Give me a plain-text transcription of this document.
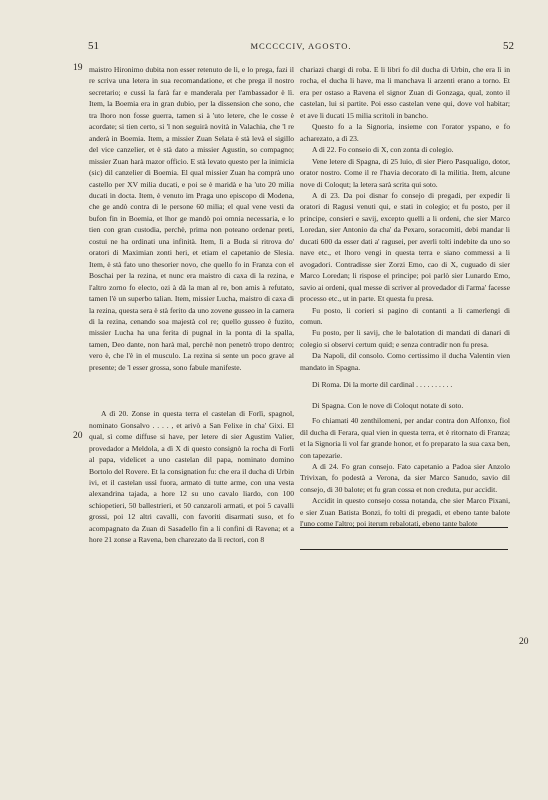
51	MCCCCCIV, AGOSTO.	52
19
20
20

maistro Hironimo dubita non esser retenuto de li, e lo prega, fazi il re scriva una letera in sua recomandatione, et che prega il nostro secretario; e cussì la farà far e manderala per l'ambassador è lì. Item, la Boemia era in gran dubio, per la dissension che sono, che tra lhoro non fosse guerra, tamen si à 'uto letere, che le cosse è acordate; si tien certo, si 'l non seguirà novità in Valachia, che 'l re anderà in Boemia. Item, a missier Zuan Selata è stà levà el sigillo del vice canzelier, et è stà dato a missier Agustin, so compagno; missier Zuan harà mazor officio. E stà levato questo per la inimicia (sic) dil canzelier di Boemia. El qual missier Zuan ha comprà uno castello per XV milia ducati, e poi se è maridà e ha 'uto 20 milia ducati in docta. Item, è venuto im Praga uno episcopo di Modena, che ge andò contra di le persone 60 milia; el qual vene vesti da bufon fin in Boemia, et lhor ge mandò poi omnia necessaria, e lo tien con gran custodia, perchè, prima non poteano ordenar preti, costui ne ha ordinati una infinità. Item, lì a Buda si ritrova do' oratori di Maximian zonti heri, et etiam el capetanio de Slesia. Item, è stà fato uno thesorier novo, che quello fo in Franza con el Boschai per la rezina, et nunc era maistro di caxa di la rezina, e l'altro zorno fo electo, ozi à dà la man al re, bon amis à refutato, tamen l'è un superbo talian. Item, missier Lucha, maistro di caxa di la rezina, questa sera è stà ferito da uno zovene gusseo in la camera di la rezina, cenando soa majestà col re; quello gusseo è fuzito, missier Lucha ha una ferita di pugnal in la ponta di la spalla, tamen, Deo dante, non harà mal, perchè non penetrò tropo dentro; vero è, che l'è in el musculo. La rezina si sente un poco grave al presente; de 'l esser grossa, sono fabule manifeste.

A dì 20. Zonse in questa terra el castelan di Forlì, spagnol, nominato Gonsalvo . . . . , et arivò a San Felixe in cha' Gixi. El qual, sì come diffuse si have, per letere di sier Agustim Valier, provedador a Meldola, a dì X di questo consignò la rocha di Forlì al papa, videlicet a uno castelan dil papa, nominato domino Bortolo del Rovere. Et la consignation fu: che era il ducha di Urbin ivi, et il castelan ussì fuora, armato di tutte arme, con una vesta alexandrina tajada, a hore 12 su uno cavalo liardo, con 100 schiopetieri, 50 ballestrieri, et 50 canzaroli armati, et poi 5 cavalli grossi, poi 12 altri cavalli, con favoriti disarmati suso, et fo acompagnato da Zuan di Sasadello fin a li confini di Ravena; et a hore 21 zonse a Ravena, ben charezato da li rectori, con 8

chariazi chargi di roba. E li libri fo dil ducha di Urbin, che era lì in rocha, el ducha li have, ma li manchava li arzenti erano a torno. Et era per ostaso a Ravena el signor Zuan di Gonzaga, qual, zonto il castelan, lui si partite. Poi esso castelan vene qui, dove vol habitar; et ave li ducati 15 milia scritoli in bancho.

Questo fo a la Signoria, insieme con l'orator yspano, e fo acharezato, a dì 23.

A dì 22. Fo conseio di X, con zonta di colegio.

Vene letere di Spagna, di 25 luio, di sier Piero Pasqualigo, dotor, orator nostro. Come il re l'havia decorato di la militia. Item, alcune nove di Coloqut; la letera sarà scrita qui soto.

A dì 23. Da poi disnar fo consejo di pregadi, per expedir li oratori di Ragusi venuti qui, e stati in colegio; et fu posto, per il principe, consieri e savij, excepto quelli a li ordeni, che sier Marco Loredan, sier Antonio da cha' da Pexaro, soracomiti, debi mandar li ducati 600 da esser dati a' ragusei, per averli tolti indebite da uno so nave etc., et lhoro vengi in questa terra e siano commessi a li avogadori. Contradisse sier Zorzi Emo, cao di X, cuguado di sier Marco Loredan; li rispose el principe; poi parlò sier Lunardo Emo, savio ai ordeni, qual messe di scriver al provedador di l'arma' facesse processo etc., ut in parte. Et questa fu presa.

Fu posto, li corieri si pagino di contanti a li camerlengi di comun.

Fu posto, per li savij, che le balotation di mandati di danari di colegio si observi certum quid; e senza contradir non fu presa.

Da Napoli, dil consolo. Como certissimo il ducha Valentin vien mandato in Spagna.

Di Roma. Di la morte dil cardinal . . . . . . . . . .

Di Spagna. Con le nove di Coloqut notate di soto.

Fo chiamati 40 zenthilomeni, per andar contra don Alfonxo, fiol dil ducha di Ferara, qual vien in questa terra, et è ritornato di Franza; et la Signoria li vol far grande honor, et fo preparato la sua caxa ben, con tapezarie.

A dì 24. Fo gran consejo. Fato capetanio a Padoa sier Anzolo Trivixan, fo podestà a Verona, da sier Marco Sanudo, savio dil consejo, di 30 balote; et fu gran cossa et non creduta, pur accidit.

Accidit in questo consejo cossa notanda, che sier Marco Pixani, e sier Zuan Batista Bonzi, fo tolti di pregadi, et ebeno tante balote l'uno come l'altro; poi iterum rebalotati, ebeno tante balote
